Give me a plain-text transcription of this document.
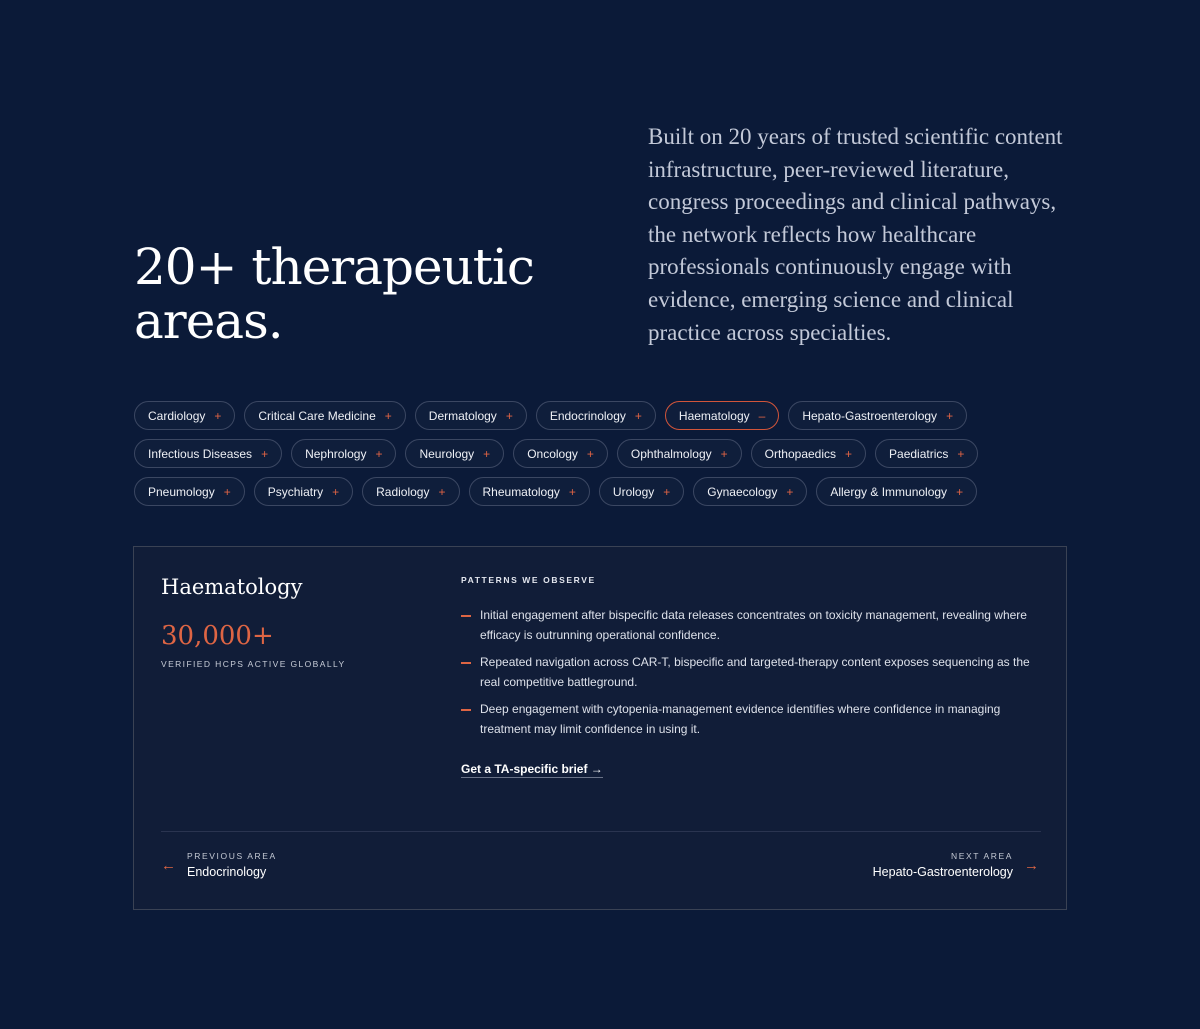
20+ therapeutic areas.

Built on 20 years of trusted scientific content infrastructure, peer-reviewed literature, congress proceedings and clinical pathways, the network reflects how healthcare professionals continuously engage with evidence, emerging science and clinical practice across specialties.

Cardiology +	Critical Care Medicine +	Dermatology +	Endocrinology +	Haematology –	Hepato-Gastroenterology +
Infectious Diseases +	Nephrology +	Neurology +	Oncology +	Ophthalmology +	Orthopaedics +	Paediatrics +
Pneumology +	Psychiatry +	Radiology +	Rheumatology +	Urology +	Gynaecology +	Allergy & Immunology +
Haematology
30,000+
VERIFIED HCPS ACTIVE GLOBALLY
PATTERNS WE OBSERVE
Initial engagement after bispecific data releases concentrates on toxicity management, revealing where efficacy is outrunning operational confidence.
Repeated navigation across CAR-T, bispecific and targeted-therapy content exposes sequencing as the real competitive battleground.
Deep engagement with cytopenia-management evidence identifies where confidence in managing treatment may limit confidence in using it.
Get a TA-specific brief →
←
PREVIOUS AREA
Endocrinology
NEXT AREA
Hepato-Gastroenterology →
